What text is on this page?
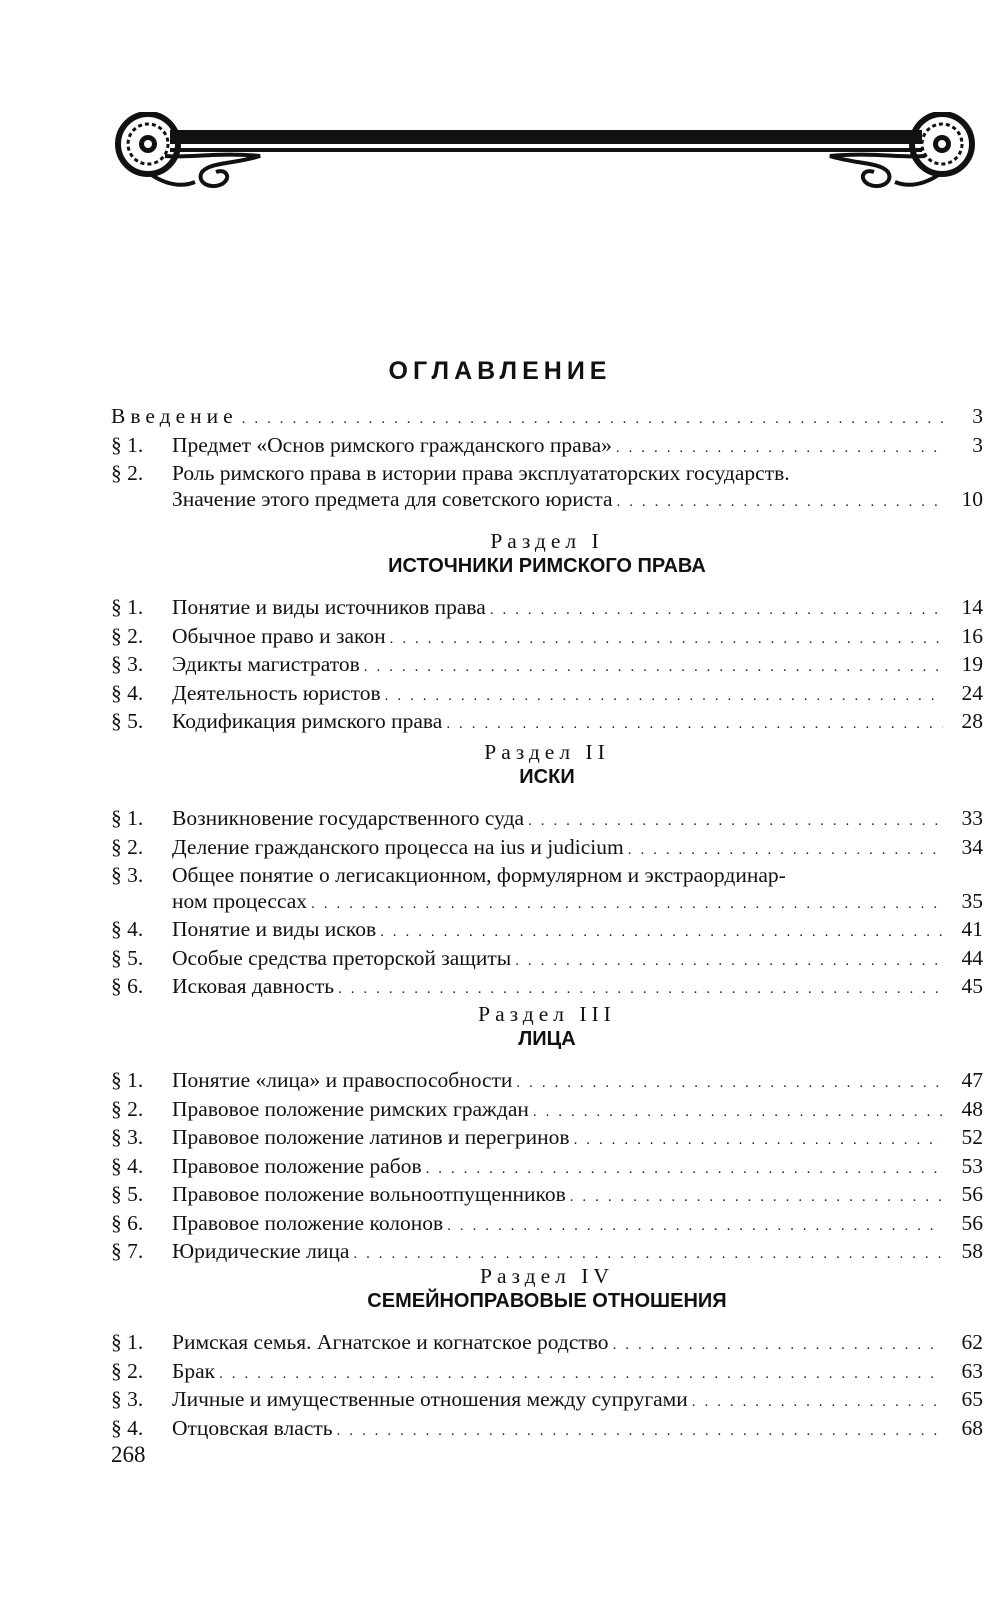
ОГЛАВЛЕНИЕ
Введение . . .	3
§ 1.	Предмет «Основ римского гражданского права» . . .	3
§ 2.	Роль римского права в истории права эксплуататорских государств.
Значение этого предмета для советского юриста . . .	10
Раздел I
ИСТОЧНИКИ РИМСКОГО ПРАВА
§ 1.	Понятие и виды источников права . . .	14
§ 2.	Обычное право и закон . . .	16
§ 3.	Эдикты магистратов . . .	19
§ 4.	Деятельность юристов . . .	24
§ 5.	Кодификация римского права . . .	28
Раздел II
ИСКИ
§ 1.	Возникновение государственного суда . . .	33
§ 2.	Деление гражданского процесса на ius и judicium . . .	34
§ 3.	Общее понятие о легисакционном, формулярном и экстраординар-
ном процессах . . .	35
§ 4.	Понятие и виды исков . . .	41
§ 5.	Особые средства преторской защиты . . .	44
§ 6.	Исковая давность . . .	45
Раздел III
ЛИЦА
§ 1.	Понятие «лица» и правоспособности . . .	47
§ 2.	Правовое положение римских граждан . . .	48
§ 3.	Правовое положение латинов и перегринов . . .	52
§ 4.	Правовое положение рабов . . .	53
§ 5.	Правовое положение вольноотпущенников . . .	56
§ 6.	Правовое положение колонов . . .	56
§ 7.	Юридические лица . . .	58
Раздел IV
СЕМЕЙНОПРАВОВЫЕ ОТНОШЕНИЯ
§ 1.	Римская семья. Агнатское и когнатское родство . . .	62
§ 2.	Брак . . .	63
§ 3.	Личные и имущественные отношения между супругами . . .	65
§ 4.	Отцовская власть . . .	68
268
